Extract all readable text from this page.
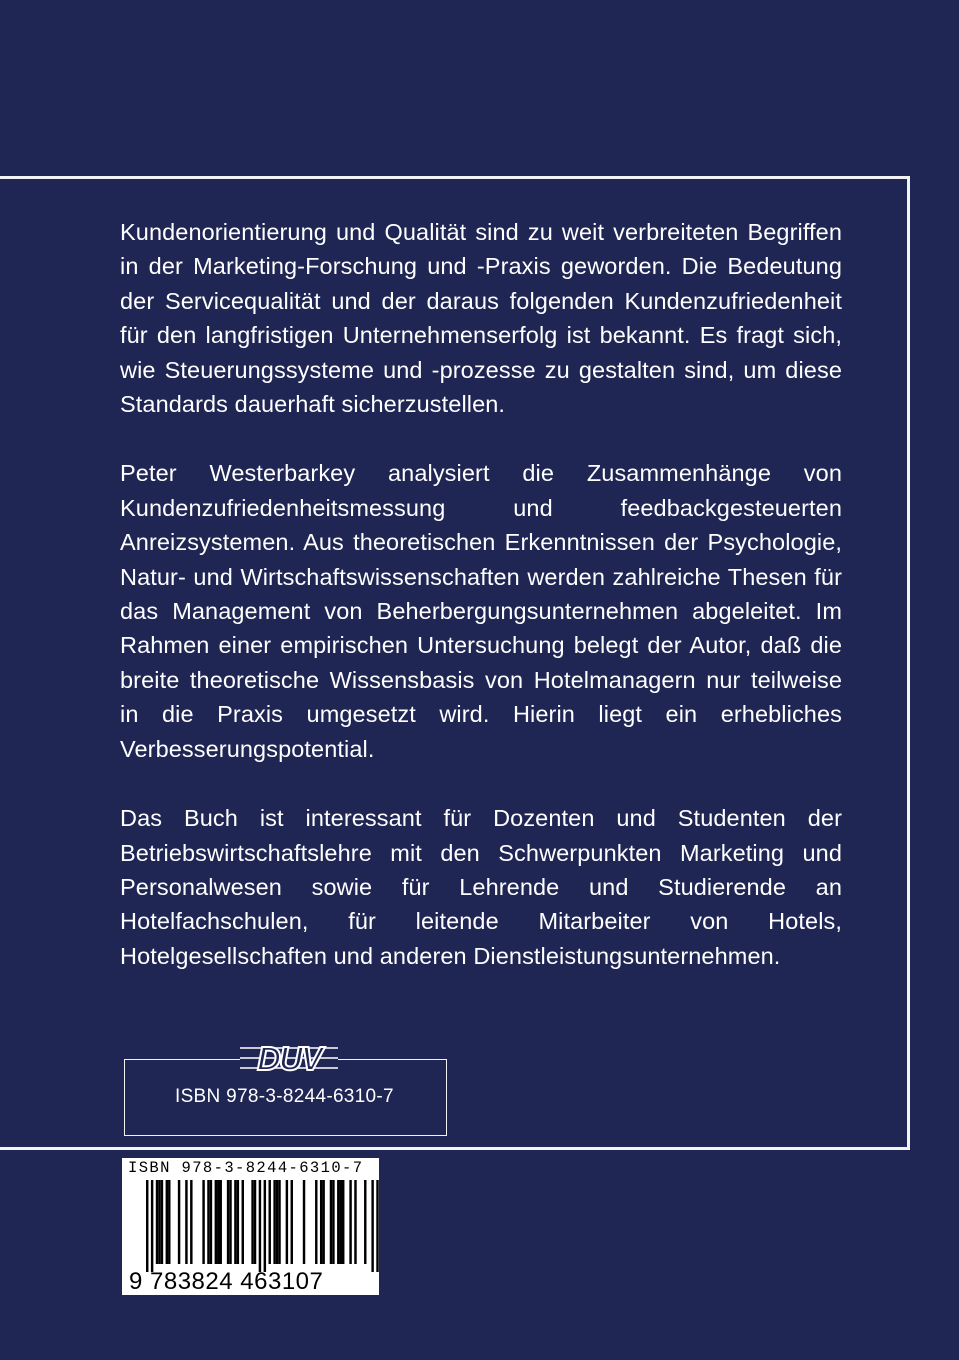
Kundenorientierung und Qualität sind zu weit verbreiteten Begriffen in der Marketing-Forschung und -Praxis geworden. Die Bedeutung der Servicequalität und der daraus folgenden Kundenzufriedenheit für den langfristigen Unternehmenserfolg ist bekannt. Es fragt sich, wie Steuerungssysteme und -prozesse zu gestalten sind, um diese Standards dauerhaft sicherzustellen.

Peter Westerbarkey analysiert die Zusammenhänge von Kundenzufriedenheitsmessung und feedbackgesteuerten Anreizsystemen. Aus theoretischen Erkenntnissen der Psychologie, Natur- und Wirtschaftswissenschaften werden zahlreiche Thesen für das Management von Beherbergungsunternehmen abgeleitet. Im Rahmen einer empirischen Untersuchung belegt der Autor, daß die breite theoretische Wissensbasis von Hotelmanagern nur teilweise in die Praxis umgesetzt wird. Hierin liegt ein erhebliches Verbesserungspotential.

Das Buch ist interessant für Dozenten und Studenten der Betriebswirtschaftslehre mit den Schwerpunkten Marketing und Personalwesen sowie für Lehrende und Studierende an Hotelfachschulen, für leitende Mitarbeiter von Hotels, Hotelgesellschaften und anderen Dienstleistungsunternehmen.

ISBN 978-3-8244-6310-7
DUV
ISBN 978-3-8244-6310-7
9 783824 463107
